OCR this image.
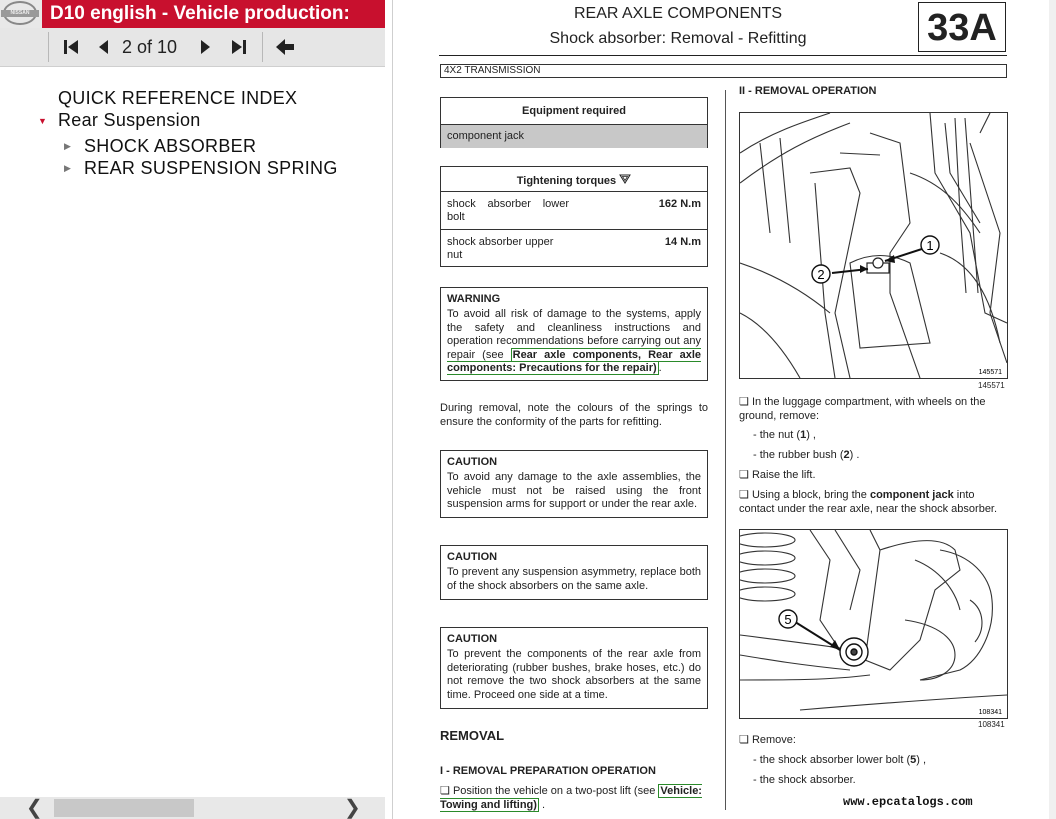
NISSAN	D10 english - Vehicle production:
2 of 10
QUICK REFERENCE INDEX
▼ Rear Suspension
▶ SHOCK ABSORBER
▶ REAR SUSPENSION SPRING
❮	❯
REAR AXLE COMPONENTS
Shock absorber: Removal - Refitting	33A
4X2 TRANSMISSION
Equipment required
component jack
Tightening torques
shock absorber lower bolt
162 N.m
shock absorber upper nut
14 N.m
WARNING
To avoid all risk of damage to the systems, apply the safety and cleanliness instructions and operation recommendations before carrying out any repair (see Rear axle components, Rear axle components: Precautions for the repair) .
During removal, note the colours of the springs to ensure the conformity of the parts for refitting.
CAUTION
To avoid any damage to the axle assemblies, the vehicle must not be raised using the front suspension arms for support or under the rear axle.
CAUTION
To prevent any suspension asymmetry, replace both of the shock absorbers on the same axle.
CAUTION
To prevent the components of the rear axle from deteriorating (rubber bushes, brake hoses, etc.) do not remove the two shock absorbers at the same time. Proceed one side at a time.
REMOVAL
I - REMOVAL PREPARATION OPERATION
❏ Position the vehicle on a two-post lift (see Vehicle: Towing and lifting) .
II - REMOVAL OPERATION
1
2
145571
145571
❏ In the luggage compartment, with wheels on the ground, remove:
- the nut (1) ,
- the rubber bush (2) .
❏ Raise the lift.
❏ Using a block, bring the component jack into contact under the rear axle, near the shock absorber.
5
108341
108341
❏ Remove:
- the shock absorber lower bolt (5) ,
- the shock absorber.
www.epcatalogs.com
